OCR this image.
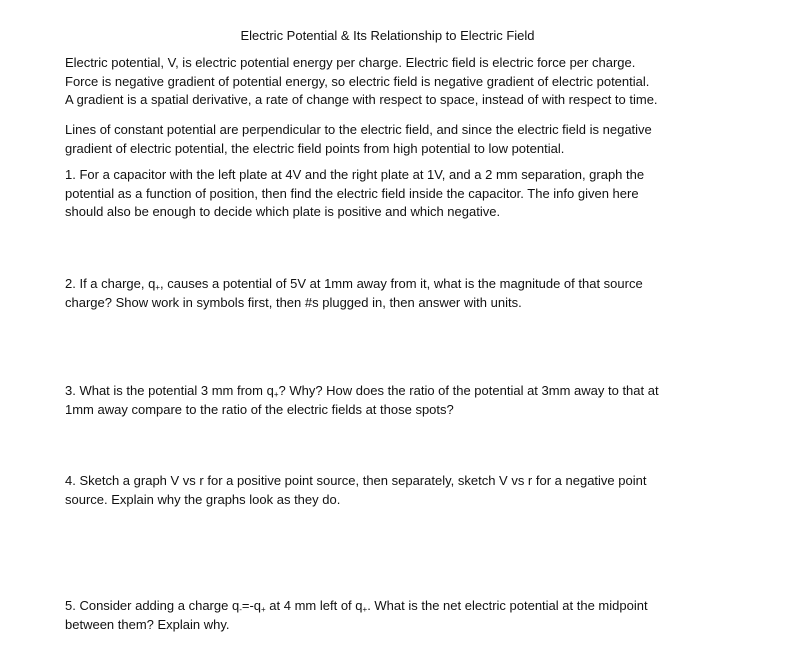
Electric Potential & Its Relationship to Electric Field

Electric potential, V, is electric potential energy per charge. Electric field is electric force per charge.
Force is negative gradient of potential energy, so electric field is negative gradient of electric potential.
A gradient is a spatial derivative, a rate of change with respect to space, instead of with respect to time.

Lines of constant potential are perpendicular to the electric field, and since the electric field is negative
gradient of electric potential, the electric field points from high potential to low potential.

1. For a capacitor with the left plate at 4V and the right plate at 1V, and a 2 mm separation, graph the
potential as a function of position, then find the electric field inside the capacitor. The info given here
should also be enough to decide which plate is positive and which negative.

2. If a charge, $q_+$, causes a potential of 5V at 1mm away from it, what is the magnitude of that source
charge? Show work in symbols first, then #s plugged in, then answer with units.

3. What is the potential 3 mm from $q_+$? Why? How does the ratio of the potential at 3mm away to that at
1mm away compare to the ratio of the electric fields at those spots?

4. Sketch a graph V vs r for a positive point source, then separately, sketch V vs r for a negative point
source. Explain why the graphs look as they do.

5. Consider adding a charge $q_-=-q_+$ at 4 mm left of $q_+$. What is the net electric potential at the midpoint
between them? Explain why.
